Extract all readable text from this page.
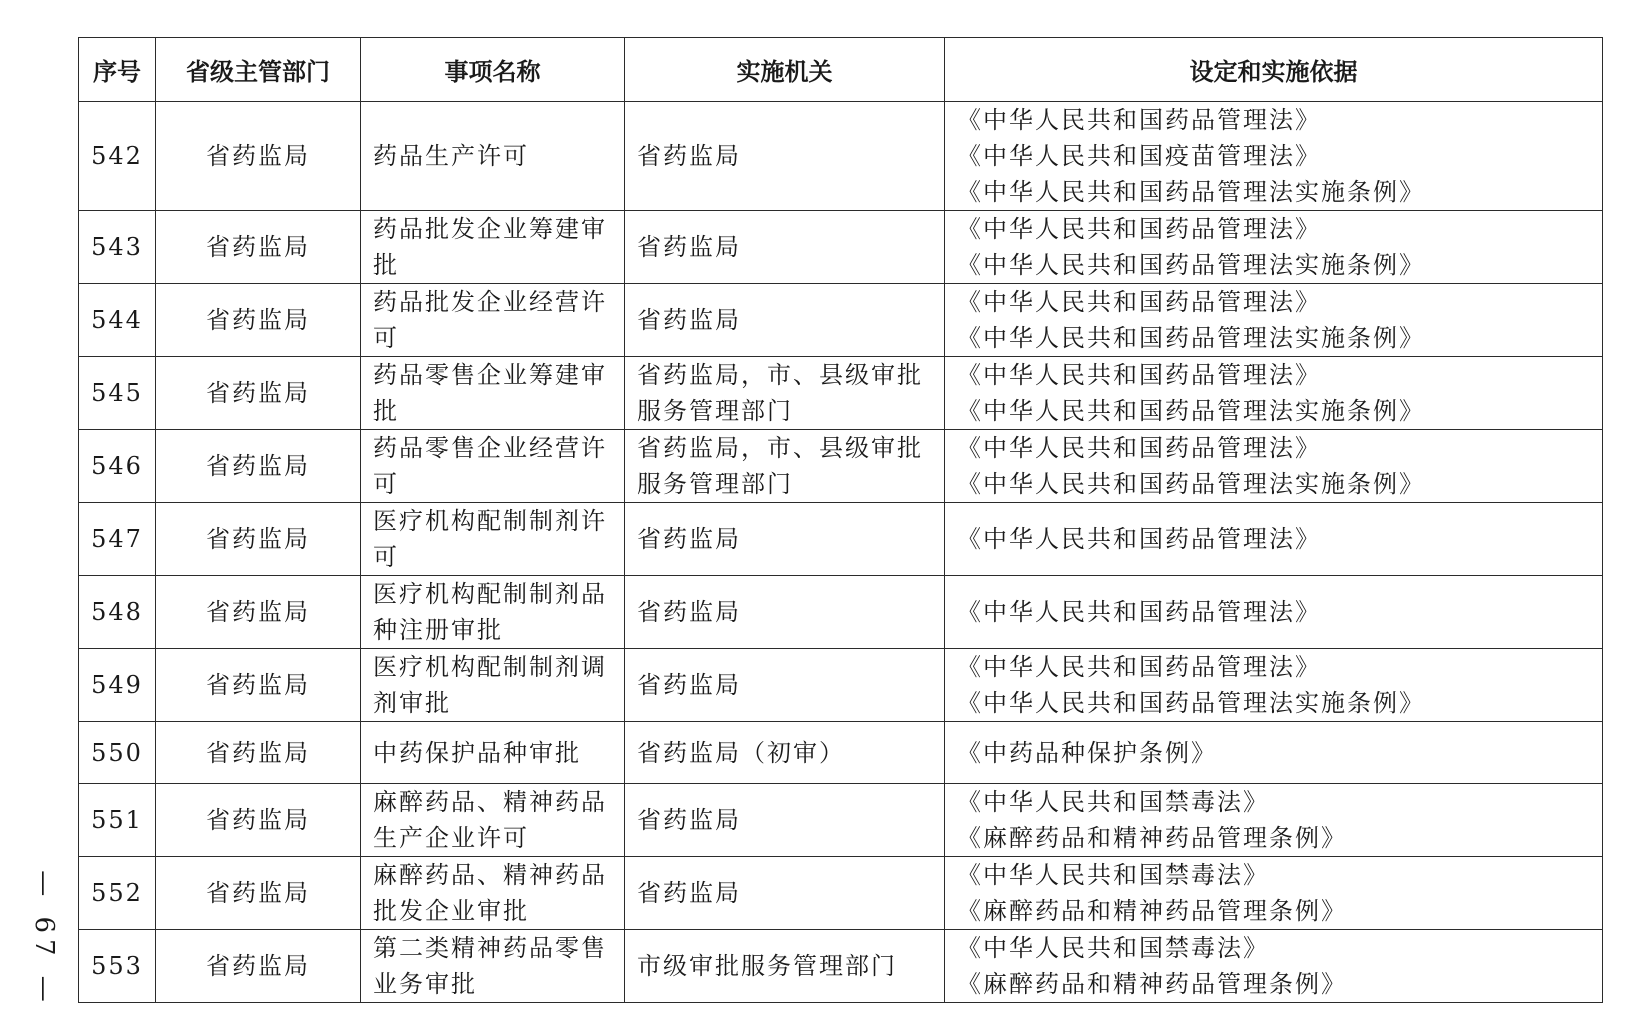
— 67 —
序号	省级主管部门	事项名称	实施机关	设定和实施依据
542	省药监局	药品生产许可	省药监局	《中华人民共和国药品管理法》
《中华人民共和国疫苗管理法》
《中华人民共和国药品管理法实施条例》

543	省药监局	药品批发企业筹建审批	省药监局	《中华人民共和国药品管理法》
《中华人民共和国药品管理法实施条例》

544	省药监局	药品批发企业经营许可	省药监局	《中华人民共和国药品管理法》
《中华人民共和国药品管理法实施条例》

545	省药监局	药品零售企业筹建审批	省药监局，市、县级审批服务管理部门	《中华人民共和国药品管理法》
《中华人民共和国药品管理法实施条例》

546	省药监局	药品零售企业经营许可	省药监局，市、县级审批服务管理部门	《中华人民共和国药品管理法》
《中华人民共和国药品管理法实施条例》

547	省药监局	医疗机构配制制剂许可	省药监局	《中华人民共和国药品管理法》

548	省药监局	医疗机构配制制剂品种注册审批	省药监局	《中华人民共和国药品管理法》

549	省药监局	医疗机构配制制剂调剂审批	省药监局	《中华人民共和国药品管理法》
《中华人民共和国药品管理法实施条例》

550	省药监局	中药保护品种审批	省药监局（初审）	《中药品种保护条例》

551	省药监局	麻醉药品、精神药品生产企业许可	省药监局	《中华人民共和国禁毒法》
《麻醉药品和精神药品管理条例》

552	省药监局	麻醉药品、精神药品批发企业审批	省药监局	《中华人民共和国禁毒法》
《麻醉药品和精神药品管理条例》

553	省药监局	第二类精神药品零售业务审批	市级审批服务管理部门	《中华人民共和国禁毒法》
《麻醉药品和精神药品管理条例》
